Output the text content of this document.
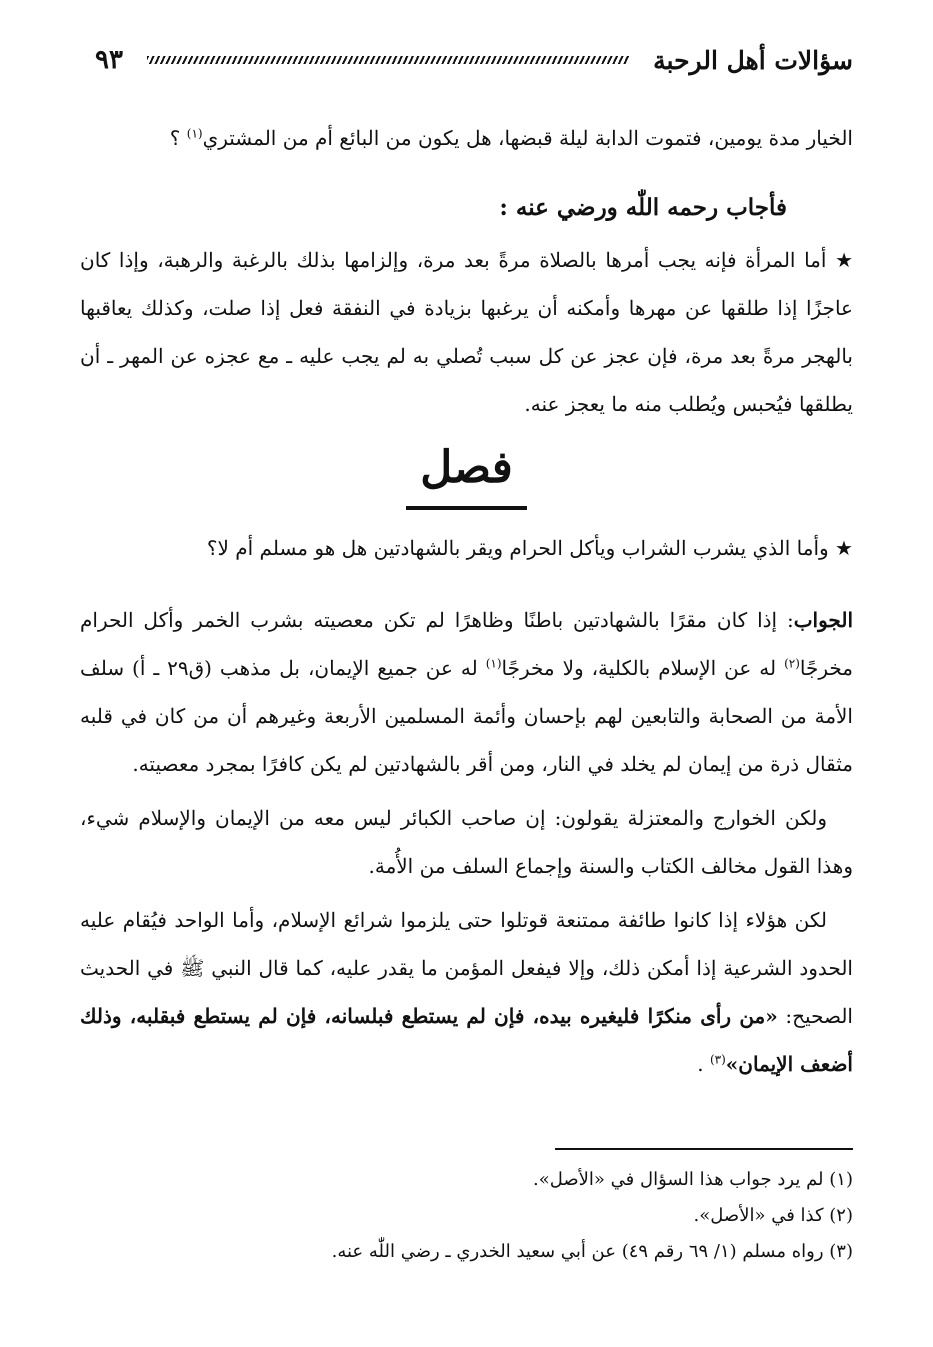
سؤالات أهل الرحبة
٩٣

الخيار مدة يومين، فتموت الدابة ليلة قبضها، هل يكون من البائع أم من المشتري$^{(١)}$ ؟

فأجاب رحمه اللّٰه ورضي عنه :

★ أما المرأة فإنه يجب أمرها بالصلاة مرةً بعد مرة، وإلزامها بذلك بالرغبة والرهبة، وإذا كان عاجزًا إذا طلقها عن مهرها وأمكنه أن يرغبها بزيادة في النفقة فعل إذا صلت، وكذلك يعاقبها بالهجر مرةً بعد مرة، فإن عجز عن كل سبب تُصلي به لم يجب عليه ـ مع عجزه عن المهر ـ أن يطلقها فيُحبس ويُطلب منه ما يعجز عنه.

فصل

★ وأما الذي يشرب الشراب ويأكل الحرام ويقر بالشهادتين هل هو مسلم أم لا؟

الجواب: إذا كان مقرًا بالشهادتين باطنًا وظاهرًا لم تكن معصيته بشرب الخمر وأكل الحرام مخرجًا$^{(٢)}$ له عن الإسلام بالكلية، ولا مخرجًا$^{(١)}$ له عن جميع الإيمان، بل مذهب (ق٢٩ ـ أ) سلف الأمة من الصحابة والتابعين لهم بإحسان وأئمة المسلمين الأربعة وغيرهم أن من كان في قلبه مثقال ذرة من إيمان لم يخلد في النار، ومن أقر بالشهادتين لم يكن كافرًا بمجرد معصيته.

ولكن الخوارج والمعتزلة يقولون: إن صاحب الكبائر ليس معه من الإيمان والإسلام شيء، وهذا القول مخالف الكتاب والسنة وإجماع السلف من الأُمة.

لكن هؤلاء إذا كانوا طائفة ممتنعة قوتلوا حتى يلزموا شرائع الإسلام، وأما الواحد فيُقام عليه الحدود الشرعية إذا أمكن ذلك، وإلا فيفعل المؤمن ما يقدر عليه، كما قال النبي ﷺ في الحديث الصحيح: «من رأى منكرًا فليغيره بيده، فإن لم يستطع فبلسانه، فإن لم يستطع فبقلبه، وذلك أضعف الإيمان»$^{(٣)}$ .

(١) لم يرد جواب هذا السؤال في «الأصل».

(٢) كذا في «الأصل».

(٣) رواه مسلم (١/ ٦٩ رقم ٤٩) عن أبي سعيد الخدري ـ رضي اللّٰه عنه.
